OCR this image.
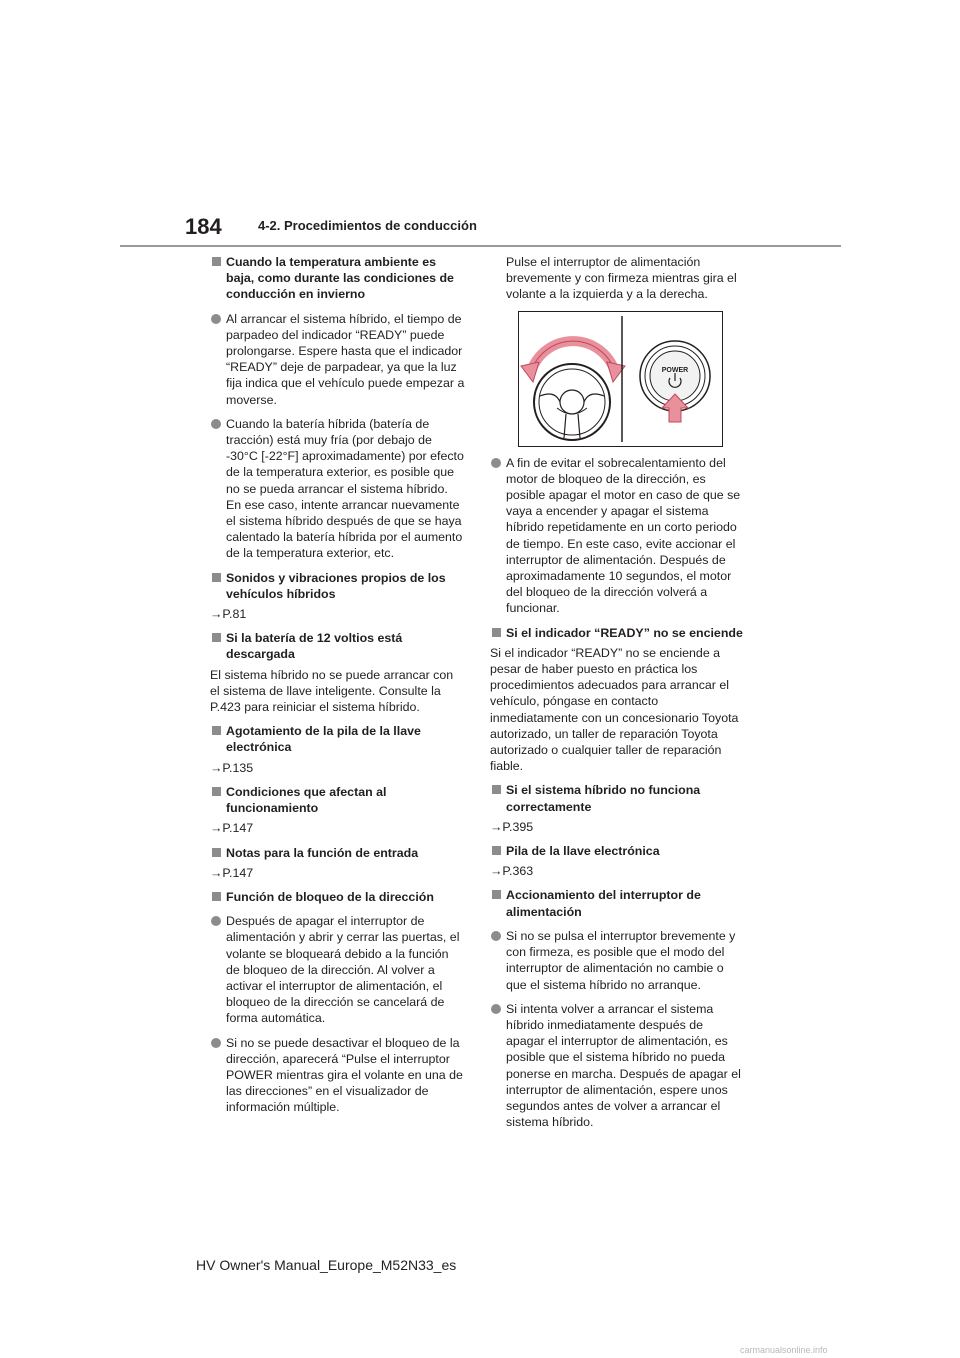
184	4-2. Procedimientos de conducción
Cuando la temperatura ambiente es baja, como durante las condiciones de conducción en invierno
Al arrancar el sistema híbrido, el tiempo de parpadeo del indicador “READY” puede prolongarse. Espere hasta que el indicador “READY” deje de parpadear, ya que la luz fija indica que el vehículo puede empezar a moverse.
Cuando la batería híbrida (batería de tracción) está muy fría (por debajo de -30°C [-22°F] aproximadamente) por efecto de la temperatura exterior, es posible que no se pueda arrancar el sistema híbrido. En ese caso, intente arrancar nuevamente el sistema híbrido después de que se haya calentado la batería híbrida por el aumento de la temperatura exterior, etc.
Sonidos y vibraciones propios de los vehículos híbridos
→P.81
Si la batería de 12 voltios está descargada
El sistema híbrido no se puede arrancar con el sistema de llave inteligente. Consulte la P.423 para reiniciar el sistema híbrido.
Agotamiento de la pila de la llave electrónica
→P.135
Condiciones que afectan al funcionamiento
→P.147
Notas para la función de entrada
→P.147
Función de bloqueo de la dirección
Después de apagar el interruptor de alimentación y abrir y cerrar las puertas, el volante se bloqueará debido a la función de bloqueo de la dirección. Al volver a activar el interruptor de alimentación, el bloqueo de la dirección se cancelará de forma automática.
Si no se puede desactivar el bloqueo de la dirección, aparecerá “Pulse el interruptor POWER mientras gira el volante en una de las direcciones” en el visualizador de información múltiple.
Pulse el interruptor de alimentación brevemente y con firmeza mientras gira el volante a la izquierda y a la derecha.
POWER
A fin de evitar el sobrecalentamiento del motor de bloqueo de la dirección, es posible apagar el motor en caso de que se vaya a encender y apagar el sistema híbrido repetidamente en un corto periodo de tiempo. En este caso, evite accionar el interruptor de alimentación. Después de aproximadamente 10 segundos, el motor del bloqueo de la dirección volverá a funcionar.
Si el indicador “READY” no se enciende
Si el indicador “READY” no se enciende a pesar de haber puesto en práctica los procedimientos adecuados para arrancar el vehículo, póngase en contacto inmediatamente con un concesionario Toyota autorizado, un taller de reparación Toyota autorizado o cualquier taller de reparación fiable.
Si el sistema híbrido no funciona correctamente
→P.395
Pila de la llave electrónica
→P.363
Accionamiento del interruptor de alimentación
Si no se pulsa el interruptor brevemente y con firmeza, es posible que el modo del interruptor de alimentación no cambie o que el sistema híbrido no arranque.
Si intenta volver a arrancar el sistema híbrido inmediatamente después de apagar el interruptor de alimentación, es posible que el sistema híbrido no pueda ponerse en marcha. Después de apagar el interruptor de alimentación, espere unos segundos antes de volver a arrancar el sistema híbrido.
HV Owner's Manual_Europe_M52N33_es
carmanualsonline.info
